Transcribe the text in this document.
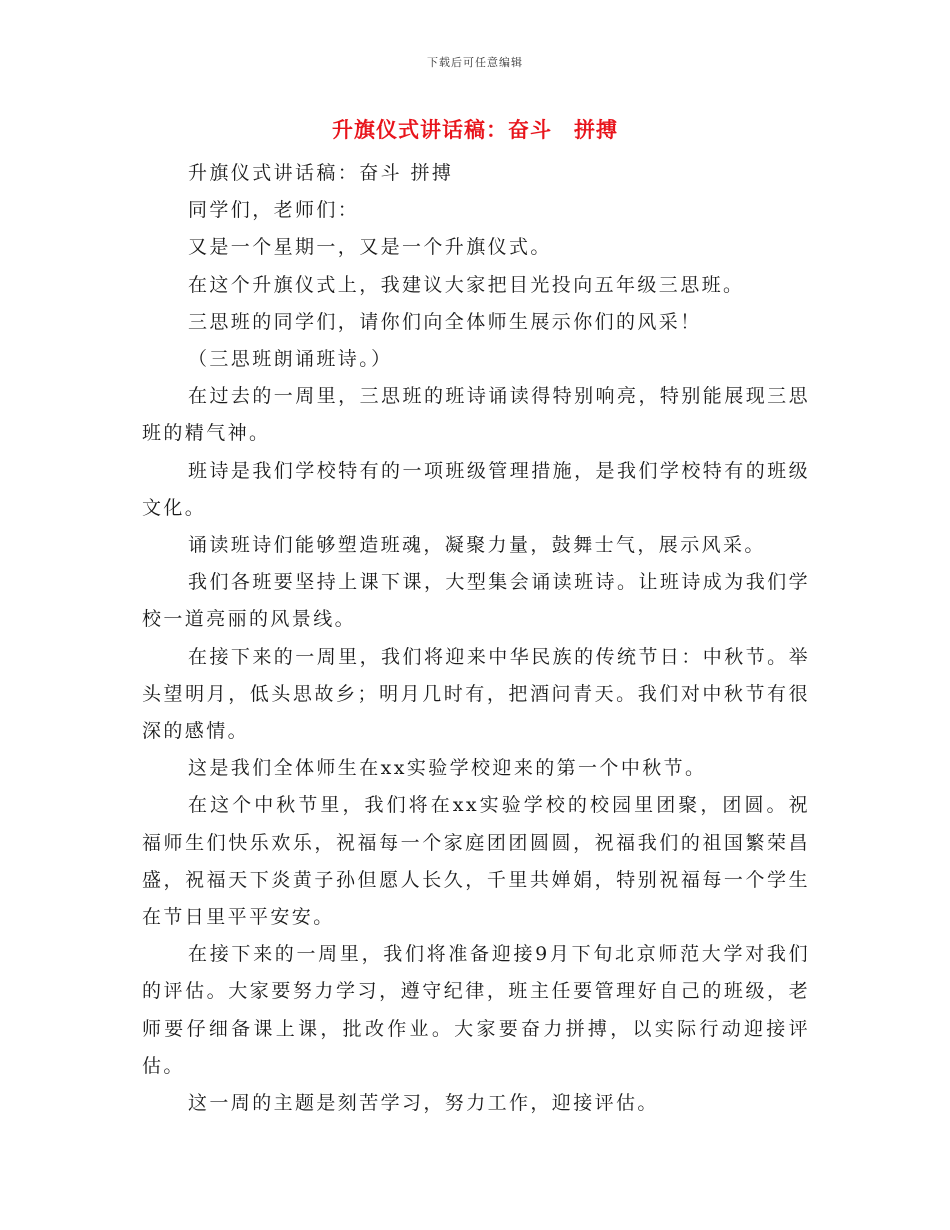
下载后可任意编辑
升旗仪式讲话稿：奋斗　拼搏

升旗仪式讲话稿：奋斗 拼搏

同学们，老师们：

又是一个星期一，又是一个升旗仪式。

在这个升旗仪式上，我建议大家把目光投向五年级三思班。

三思班的同学们，请你们向全体师生展示你们的风采！

（三思班朗诵班诗。）

在过去的一周里，三思班的班诗诵读得特别响亮，特别能展现三思班的精气神。

班诗是我们学校特有的一项班级管理措施，是我们学校特有的班级文化。

诵读班诗们能够塑造班魂，凝聚力量，鼓舞士气，展示风采。

我们各班要坚持上课下课，大型集会诵读班诗。让班诗成为我们学校一道亮丽的风景线。

在接下来的一周里，我们将迎来中华民族的传统节日：中秋节。举头望明月，低头思故乡；明月几时有，把酒问青天。我们对中秋节有很深的感情。

这是我们全体师生在xx实验学校迎来的第一个中秋节。

在这个中秋节里，我们将在xx实验学校的校园里团聚，团圆。祝福师生们快乐欢乐，祝福每一个家庭团团圆圆，祝福我们的祖国繁荣昌盛，祝福天下炎黄子孙但愿人长久，千里共婵娟，特别祝福每一个学生在节日里平平安安。

在接下来的一周里，我们将准备迎接9月下旬北京师范大学对我们的评估。大家要努力学习，遵守纪律，班主任要管理好自己的班级，老师要仔细备课上课，批改作业。大家要奋力拼搏，以实际行动迎接评估。

这一周的主题是刻苦学习，努力工作，迎接评估。
